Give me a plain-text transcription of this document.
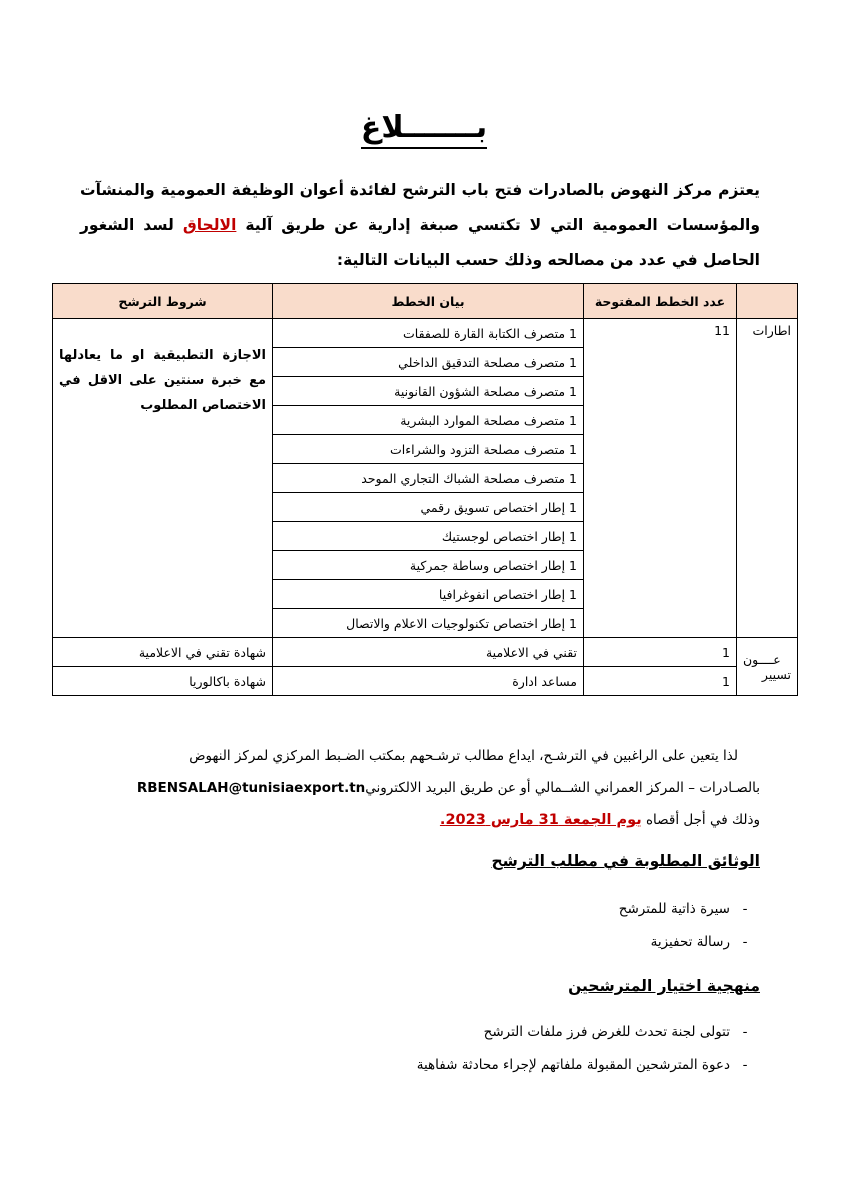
بـــــــلاغ
يعتزم مركز النهوض بالصادرات فتح باب الترشح لفائدة أعوان الوظيفة العمومية والمنشآت والمؤسسات العمومية التي لا تكتسي صبغة إدارية عن طريق آلية الالحاق لسد الشغور الحاصل في عدد من مصالحه وذلك حسب البيانات التالية:
	عدد الخطط المفتوحة	بيان الخطط	شروط الترشح
اطارات	11	1 متصرف الكتابة القارة للصفقات	الاجازة التطبيقية او ما يعادلها مع خبرة سنتين على الاقل في الاختصاص المطلوب
		1 متصرف مصلحة التدقيق الداخلي	
		1 متصرف مصلحة الشؤون القانونية	
		1 متصرف مصلحة الموارد البشرية	
		1 متصرف مصلحة التزود والشراءات	
		1 متصرف مصلحة الشباك التجاري الموحد	
		1 إطار اختصاص تسويق رقمي	
		1 إطار اختصاص لوجستيك	
		1 إطار اختصاص وساطة جمركية	
		1 إطار اختصاص انفوغرافيا	
		1 إطار اختصاص تكنولوجيات الاعلام والاتصال	

عــــون
تسيير	1	تقني في الاعلامية	شهادة تقني في الاعلامية
	1	مساعد ادارة	شهادة باكالوريا
لذا يتعين على الراغبين في الترشـح، ايداع مطالب ترشـحهم بمكتب الضـبط المركزي لمركز النهوض
بالصـادرات – المركز العمراني الشــمالي أو عن طريق البريد الالكترونيRBENSALAH@tunisiaexport.tn
وذلك في أجل أقصاه يوم الجمعة 31 مارس 2023.
الوثائق المطلوبة في مطلب الترشح
-سيرة ذاتية للمترشح
-رسالة تحفيزية
منهجية اختيار المترشحين
-تتولى لجنة تحدث للغرض فرز ملفات الترشح
-دعوة المترشحين المقبولة ملفاتهم لإجراء محادثة شفاهية
